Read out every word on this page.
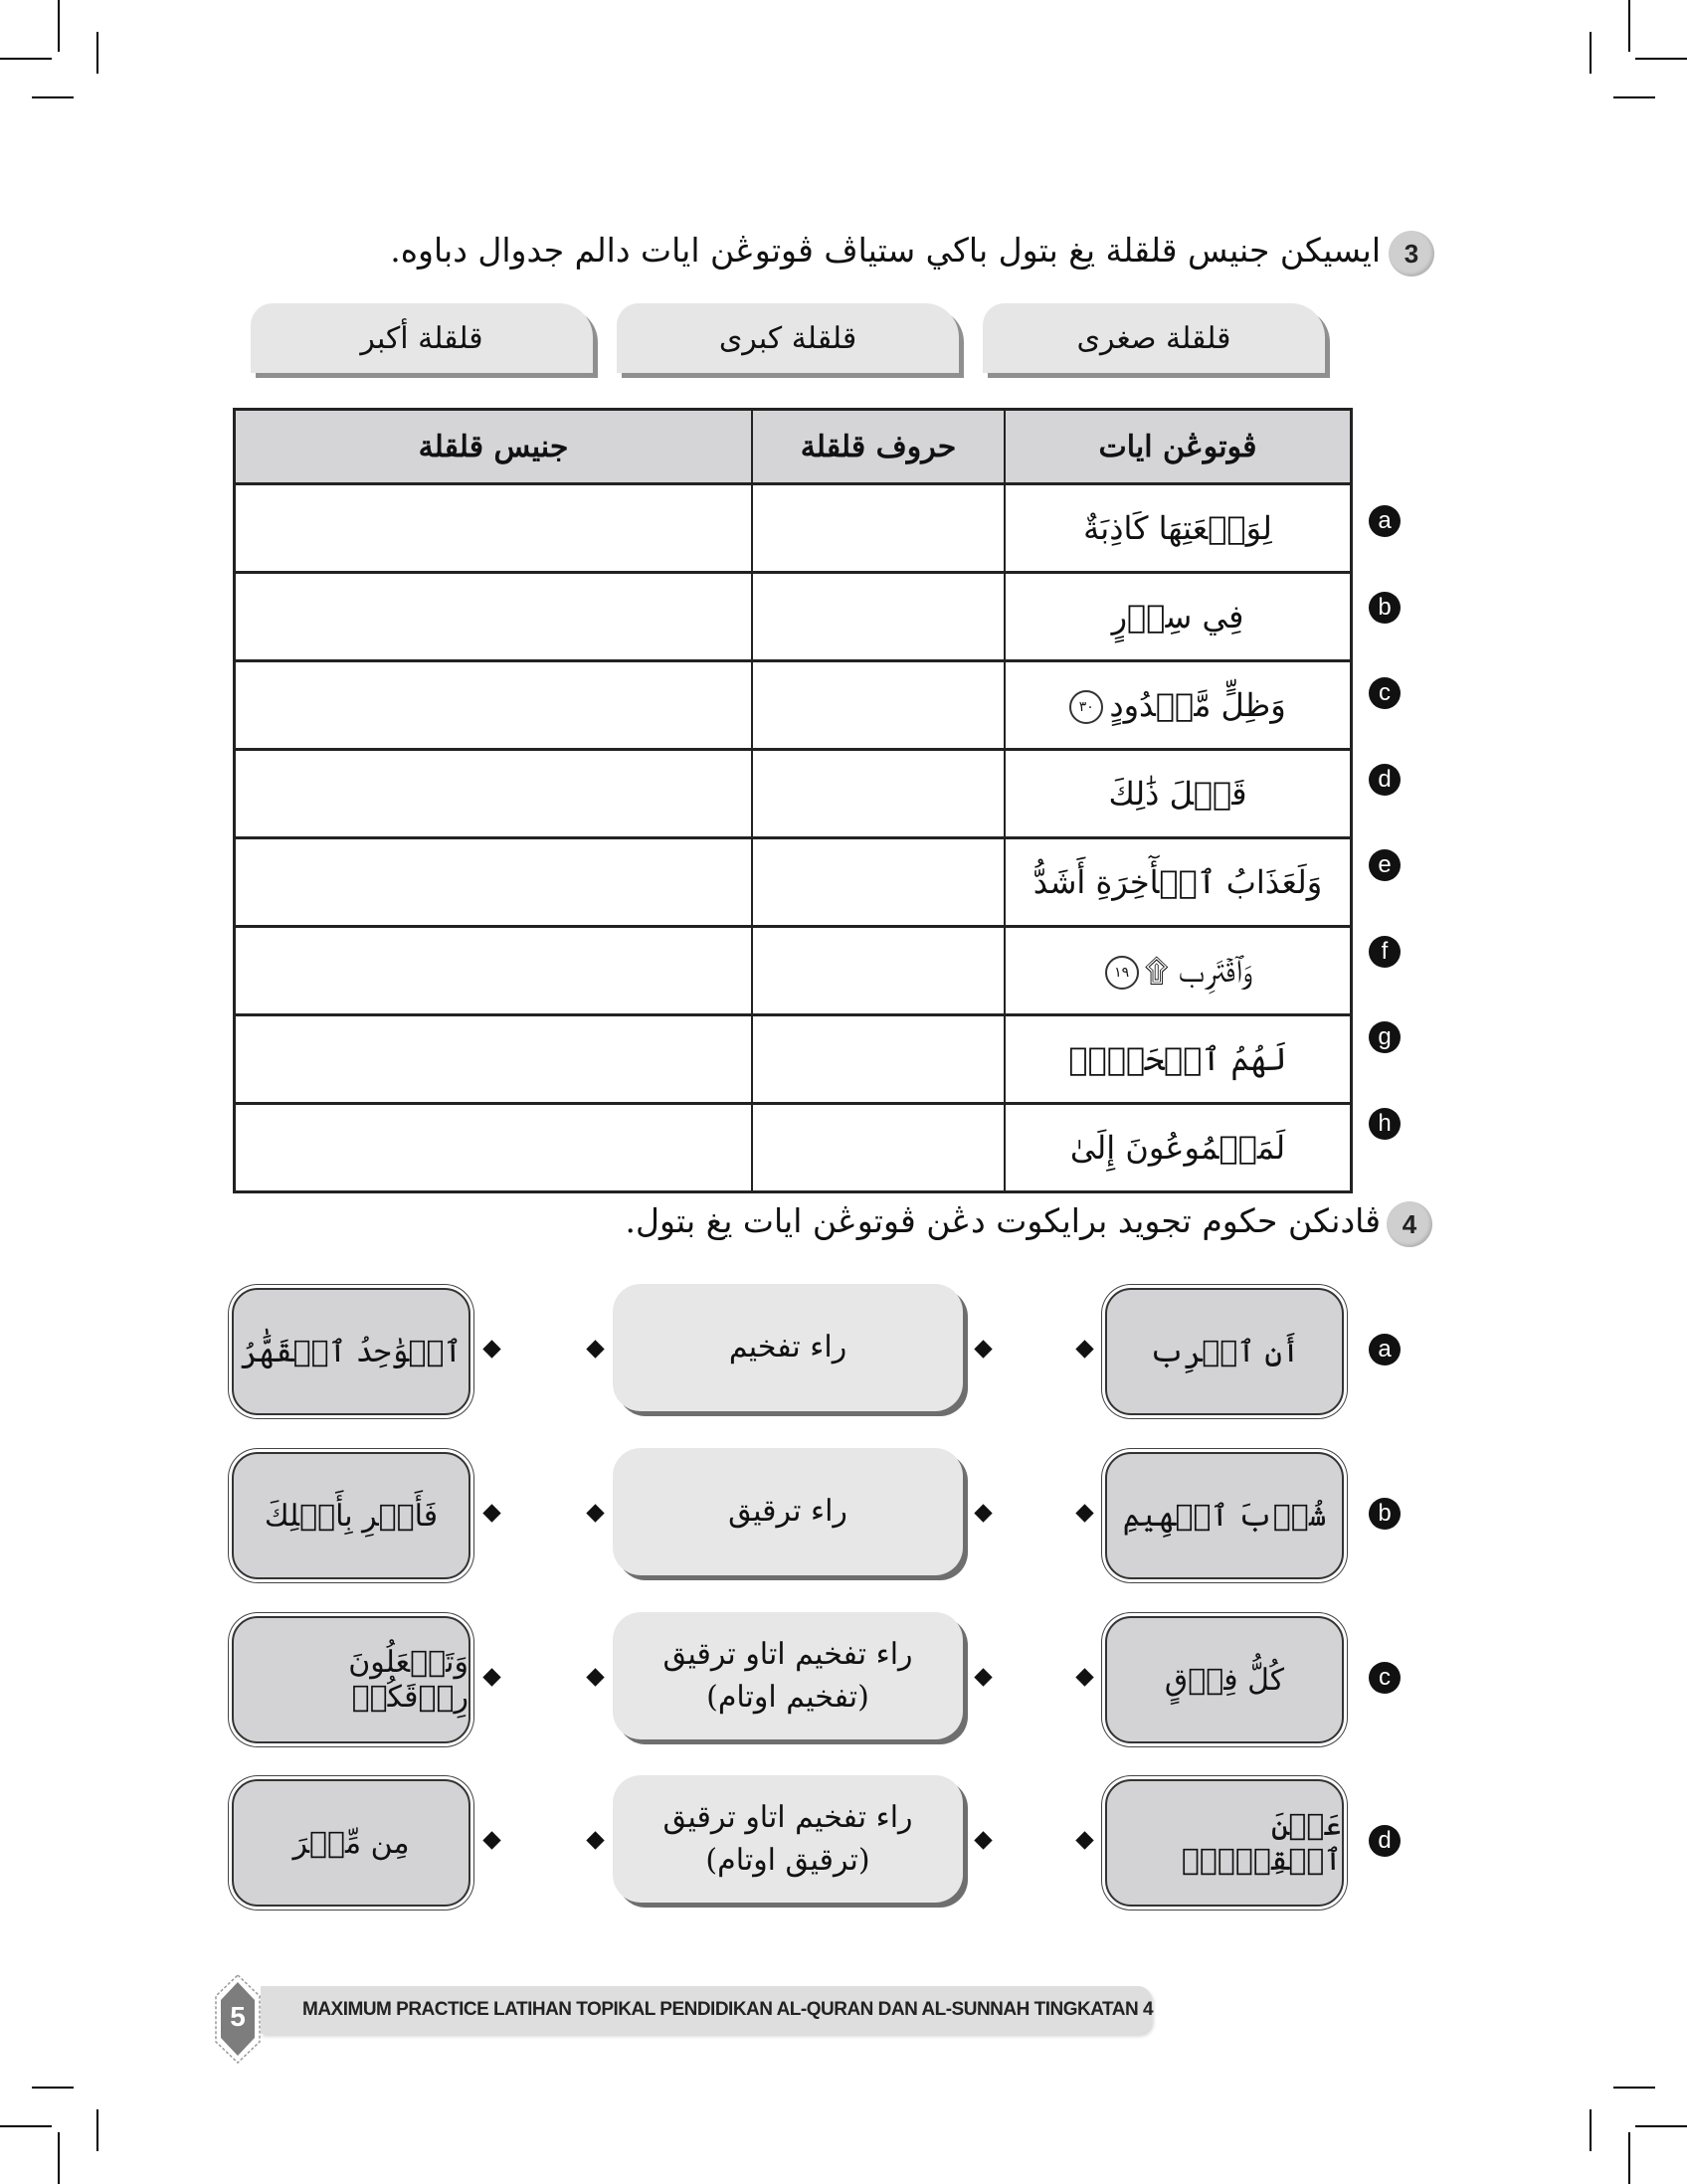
3
ايسيكن جنيس قلقلة يغ بتول باکي ستياڤ ڤوتوڠن ايات دالم جدوال دباوه.
قلقلة صغرى
قلقلة كبرى
قلقلة أكبر
جنيس قلقلة	حروف قلقلة	ڤوتوڠن ايات
		لِوَقۡعَتِهَا كَاذِبَةٌ
		فِي سِدۡرٍ
		وَظِلٍّ مَّمۡدُودٍ٣٠
		قَبۡلَ ذَٰلِكَ
		وَلَعَذَابُ ٱلۡأٓخِرَةِ أَشَدُّ
		وَٱقۡتَرِب ۩١٩
		لَهُمُ ٱلۡحَقُّۖ
		لَمَجۡمُوعُونَ إِلَىٰ
a
b
c
d
e
f
g
h
4
ڤادنكن حكوم تجويد برايکوت دڠن ڤوتوڠن ايات يغ بتول.
a
أَنِ ٱضۡرِب
راء تفخيم
ٱلۡوَٰحِدُ ٱلۡقَهَّٰرُ
b
شُرۡبَ ٱلۡهِيمِ
راء ترقيق
فَأَسۡرِ بِأَهۡلِكَ
c
كُلُّ فِرۡقٍ
راء تفخيم اتاو ترقيق
(تفخيم اوتام)
وَتَجۡعَلُونَ رِزۡقَكُمۡ
d
عَيۡنَ ٱلۡقِطۡرِۖ
راء تفخيم اتاو ترقيق
(ترقيق اوتام)
مِن مِّصۡرَ
5	MAXIMUM PRACTICE LATIHAN TOPIKAL PENDIDIKAN AL-QURAN DAN AL-SUNNAH TINGKATAN 4
